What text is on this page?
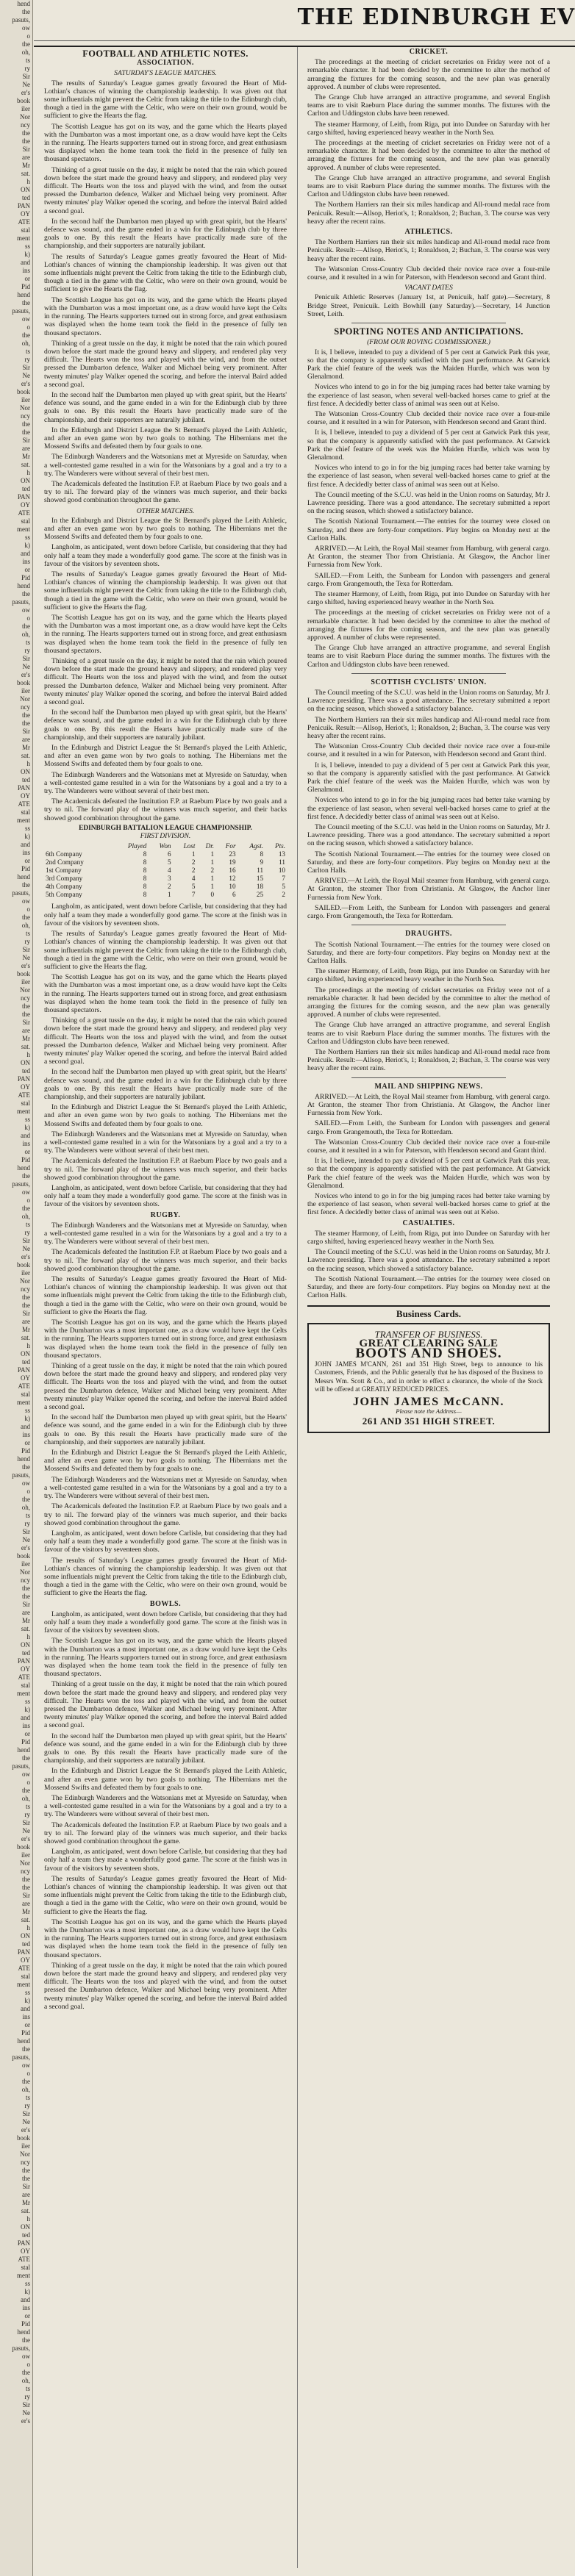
hend
the
pasuts,
ow
o
the
oh,
ts
ry
Sir
Ne
er's
book
iler
Nor
ncy
the
the
Sir
are
Mr
sat.
h
ON
ted
PAN
OY
ATE
stal
ment
ss
k)
and
ins
or
Pid
hend
the
pasuts,
ow
o
the
oh,
ts
ry
Sir
Ne
er's
book
iler
Nor
ncy
the
the
Sir
are
Mr
sat.
h
ON
ted
PAN
OY
ATE
stal
ment
ss
k)
and
ins
or
Pid
hend
the
pasuts,
ow
o
the
oh,
ts
ry
Sir
Ne
er's
book
iler
Nor
ncy
the
the
Sir
are
Mr
sat.
h
ON
ted
PAN
OY
ATE
stal
ment
ss
k)
and
ins
or
Pid
hend
the
pasuts,
ow
o
the
oh,
ts
ry
Sir
Ne
er's
book
iler
Nor
ncy
the
the
Sir
are
Mr
sat.
h
ON
ted
PAN
OY
ATE
stal
ment
ss
k)
and
ins
or
Pid
hend
the
pasuts,
ow
o
the
oh,
ts
ry
Sir
Ne
er's
book
iler
Nor
ncy
the
the
Sir
are
Mr
sat.
h
ON
ted
PAN
OY
ATE
stal
ment
ss
k)
and
ins
or
Pid
hend
the
pasuts,
ow
o
the
oh,
ts
ry
Sir
Ne
er's
book
iler
Nor
ncy
the
the
Sir
are
Mr
sat.
h
ON
ted
PAN
OY
ATE
stal
ment
ss
k)
and
ins
or
Pid
hend
the
pasuts,
ow
o
the
oh,
ts
ry
Sir
Ne
er's
book
iler
Nor
ncy
the
the
Sir
are
Mr
sat.
h
ON
ted
PAN
OY
ATE
stal
ment
ss
k)
and
ins
or
Pid
hend
the
pasuts,
ow
o
the
oh,
ts
ry
Sir
Ne
er's
book
iler
Nor
ncy
the
the
Sir
are
Mr
sat.
h
ON
ted
PAN
OY
ATE
stal
ment
ss
k)
and
ins
or
Pid
hend
the
pasuts,
ow
o
the
oh,
ts
ry
Sir
Ne
er's
THE EDINBURGH EV
FOOTBALL AND ATHLETIC NOTES.
ASSOCIATION.
SATURDAY'S LEAGUE MATCHES.

The results of Saturday's League games greatly favoured the Heart of Mid-Lothian's chances of winning the championship leadership. It was given out that some influentials might prevent the Celtic from taking the title to the Edinburgh club, though a tied in the game with the Celtic, who were on their own ground, would be sufficient to give the Hearts the flag.

The Scottish League has got on its way, and the game which the Hearts played with the Dumbarton was a most important one, as a draw would have kept the Celts in the running. The Hearts supporters turned out in strong force, and great enthusiasm was displayed when the home team took the field in the presence of fully ten thousand spectators.

Thinking of a great tussle on the day, it might be noted that the rain which poured down before the start made the ground heavy and slippery, and rendered play very difficult. The Hearts won the toss and played with the wind, and from the outset pressed the Dumbarton defence, Walker and Michael being very prominent. After twenty minutes' play Walker opened the scoring, and before the interval Baird added a second goal.

In the second half the Dumbarton men played up with great spirit, but the Hearts' defence was sound, and the game ended in a win for the Edinburgh club by three goals to one. By this result the Hearts have practically made sure of the championship, and their supporters are naturally jubilant.

The results of Saturday's League games greatly favoured the Heart of Mid-Lothian's chances of winning the championship leadership. It was given out that some influentials might prevent the Celtic from taking the title to the Edinburgh club, though a tied in the game with the Celtic, who were on their own ground, would be sufficient to give the Hearts the flag.

The Scottish League has got on its way, and the game which the Hearts played with the Dumbarton was a most important one, as a draw would have kept the Celts in the running. The Hearts supporters turned out in strong force, and great enthusiasm was displayed when the home team took the field in the presence of fully ten thousand spectators.

Thinking of a great tussle on the day, it might be noted that the rain which poured down before the start made the ground heavy and slippery, and rendered play very difficult. The Hearts won the toss and played with the wind, and from the outset pressed the Dumbarton defence, Walker and Michael being very prominent. After twenty minutes' play Walker opened the scoring, and before the interval Baird added a second goal.

In the second half the Dumbarton men played up with great spirit, but the Hearts' defence was sound, and the game ended in a win for the Edinburgh club by three goals to one. By this result the Hearts have practically made sure of the championship, and their supporters are naturally jubilant.

In the Edinburgh and District League the St Bernard's played the Leith Athletic, and after an even game won by two goals to nothing. The Hibernians met the Mossend Swifts and defeated them by four goals to one.

The Edinburgh Wanderers and the Watsonians met at Myreside on Saturday, when a well-contested game resulted in a win for the Watsonians by a goal and a try to a try. The Wanderers were without several of their best men.

The Academicals defeated the Institution F.P. at Raeburn Place by two goals and a try to nil. The forward play of the winners was much superior, and their backs showed good combination throughout the game.

OTHER MATCHES.

In the Edinburgh and District League the St Bernard's played the Leith Athletic, and after an even game won by two goals to nothing. The Hibernians met the Mossend Swifts and defeated them by four goals to one.

Langholm, as anticipated, went down before Carlisle, but considering that they had only half a team they made a wonderfully good game. The score at the finish was in favour of the visitors by seventeen shots.

The results of Saturday's League games greatly favoured the Heart of Mid-Lothian's chances of winning the championship leadership. It was given out that some influentials might prevent the Celtic from taking the title to the Edinburgh club, though a tied in the game with the Celtic, who were on their own ground, would be sufficient to give the Hearts the flag.

The Scottish League has got on its way, and the game which the Hearts played with the Dumbarton was a most important one, as a draw would have kept the Celts in the running. The Hearts supporters turned out in strong force, and great enthusiasm was displayed when the home team took the field in the presence of fully ten thousand spectators.

Thinking of a great tussle on the day, it might be noted that the rain which poured down before the start made the ground heavy and slippery, and rendered play very difficult. The Hearts won the toss and played with the wind, and from the outset pressed the Dumbarton defence, Walker and Michael being very prominent. After twenty minutes' play Walker opened the scoring, and before the interval Baird added a second goal.

In the second half the Dumbarton men played up with great spirit, but the Hearts' defence was sound, and the game ended in a win for the Edinburgh club by three goals to one. By this result the Hearts have practically made sure of the championship, and their supporters are naturally jubilant.

In the Edinburgh and District League the St Bernard's played the Leith Athletic, and after an even game won by two goals to nothing. The Hibernians met the Mossend Swifts and defeated them by four goals to one.

The Edinburgh Wanderers and the Watsonians met at Myreside on Saturday, when a well-contested game resulted in a win for the Watsonians by a goal and a try to a try. The Wanderers were without several of their best men.

The Academicals defeated the Institution F.P. at Raeburn Place by two goals and a try to nil. The forward play of the winners was much superior, and their backs showed good combination throughout the game.

EDINBURGH BATTALION LEAGUE CHAMPIONSHIP.
FIRST DIVISION.
	Played	Won	Lost	Dr.	For	Agst.	Pts.
6th Company	8	6	1	1	23	8	13
2nd Company	8	5	2	1	19	9	11
1st Company	8	4	2	2	16	11	10
3rd Company	8	3	4	1	12	15	7
4th Company	8	2	5	1	10	18	5
5th Company	8	1	7	0	6	25	2

Langholm, as anticipated, went down before Carlisle, but considering that they had only half a team they made a wonderfully good game. The score at the finish was in favour of the visitors by seventeen shots.

The results of Saturday's League games greatly favoured the Heart of Mid-Lothian's chances of winning the championship leadership. It was given out that some influentials might prevent the Celtic from taking the title to the Edinburgh club, though a tied in the game with the Celtic, who were on their own ground, would be sufficient to give the Hearts the flag.

The Scottish League has got on its way, and the game which the Hearts played with the Dumbarton was a most important one, as a draw would have kept the Celts in the running. The Hearts supporters turned out in strong force, and great enthusiasm was displayed when the home team took the field in the presence of fully ten thousand spectators.

Thinking of a great tussle on the day, it might be noted that the rain which poured down before the start made the ground heavy and slippery, and rendered play very difficult. The Hearts won the toss and played with the wind, and from the outset pressed the Dumbarton defence, Walker and Michael being very prominent. After twenty minutes' play Walker opened the scoring, and before the interval Baird added a second goal.

In the second half the Dumbarton men played up with great spirit, but the Hearts' defence was sound, and the game ended in a win for the Edinburgh club by three goals to one. By this result the Hearts have practically made sure of the championship, and their supporters are naturally jubilant.

In the Edinburgh and District League the St Bernard's played the Leith Athletic, and after an even game won by two goals to nothing. The Hibernians met the Mossend Swifts and defeated them by four goals to one.

The Edinburgh Wanderers and the Watsonians met at Myreside on Saturday, when a well-contested game resulted in a win for the Watsonians by a goal and a try to a try. The Wanderers were without several of their best men.

The Academicals defeated the Institution F.P. at Raeburn Place by two goals and a try to nil. The forward play of the winners was much superior, and their backs showed good combination throughout the game.

Langholm, as anticipated, went down before Carlisle, but considering that they had only half a team they made a wonderfully good game. The score at the finish was in favour of the visitors by seventeen shots.

RUGBY.

The Edinburgh Wanderers and the Watsonians met at Myreside on Saturday, when a well-contested game resulted in a win for the Watsonians by a goal and a try to a try. The Wanderers were without several of their best men.

The Academicals defeated the Institution F.P. at Raeburn Place by two goals and a try to nil. The forward play of the winners was much superior, and their backs showed good combination throughout the game.

The results of Saturday's League games greatly favoured the Heart of Mid-Lothian's chances of winning the championship leadership. It was given out that some influentials might prevent the Celtic from taking the title to the Edinburgh club, though a tied in the game with the Celtic, who were on their own ground, would be sufficient to give the Hearts the flag.

The Scottish League has got on its way, and the game which the Hearts played with the Dumbarton was a most important one, as a draw would have kept the Celts in the running. The Hearts supporters turned out in strong force, and great enthusiasm was displayed when the home team took the field in the presence of fully ten thousand spectators.

Thinking of a great tussle on the day, it might be noted that the rain which poured down before the start made the ground heavy and slippery, and rendered play very difficult. The Hearts won the toss and played with the wind, and from the outset pressed the Dumbarton defence, Walker and Michael being very prominent. After twenty minutes' play Walker opened the scoring, and before the interval Baird added a second goal.

In the second half the Dumbarton men played up with great spirit, but the Hearts' defence was sound, and the game ended in a win for the Edinburgh club by three goals to one. By this result the Hearts have practically made sure of the championship, and their supporters are naturally jubilant.

In the Edinburgh and District League the St Bernard's played the Leith Athletic, and after an even game won by two goals to nothing. The Hibernians met the Mossend Swifts and defeated them by four goals to one.

The Edinburgh Wanderers and the Watsonians met at Myreside on Saturday, when a well-contested game resulted in a win for the Watsonians by a goal and a try to a try. The Wanderers were without several of their best men.

The Academicals defeated the Institution F.P. at Raeburn Place by two goals and a try to nil. The forward play of the winners was much superior, and their backs showed good combination throughout the game.

Langholm, as anticipated, went down before Carlisle, but considering that they had only half a team they made a wonderfully good game. The score at the finish was in favour of the visitors by seventeen shots.

The results of Saturday's League games greatly favoured the Heart of Mid-Lothian's chances of winning the championship leadership. It was given out that some influentials might prevent the Celtic from taking the title to the Edinburgh club, though a tied in the game with the Celtic, who were on their own ground, would be sufficient to give the Hearts the flag.

BOWLS.

Langholm, as anticipated, went down before Carlisle, but considering that they had only half a team they made a wonderfully good game. The score at the finish was in favour of the visitors by seventeen shots.

The Scottish League has got on its way, and the game which the Hearts played with the Dumbarton was a most important one, as a draw would have kept the Celts in the running. The Hearts supporters turned out in strong force, and great enthusiasm was displayed when the home team took the field in the presence of fully ten thousand spectators.

Thinking of a great tussle on the day, it might be noted that the rain which poured down before the start made the ground heavy and slippery, and rendered play very difficult. The Hearts won the toss and played with the wind, and from the outset pressed the Dumbarton defence, Walker and Michael being very prominent. After twenty minutes' play Walker opened the scoring, and before the interval Baird added a second goal.

In the second half the Dumbarton men played up with great spirit, but the Hearts' defence was sound, and the game ended in a win for the Edinburgh club by three goals to one. By this result the Hearts have practically made sure of the championship, and their supporters are naturally jubilant.

In the Edinburgh and District League the St Bernard's played the Leith Athletic, and after an even game won by two goals to nothing. The Hibernians met the Mossend Swifts and defeated them by four goals to one.

The Edinburgh Wanderers and the Watsonians met at Myreside on Saturday, when a well-contested game resulted in a win for the Watsonians by a goal and a try to a try. The Wanderers were without several of their best men.

The Academicals defeated the Institution F.P. at Raeburn Place by two goals and a try to nil. The forward play of the winners was much superior, and their backs showed good combination throughout the game.

Langholm, as anticipated, went down before Carlisle, but considering that they had only half a team they made a wonderfully good game. The score at the finish was in favour of the visitors by seventeen shots.

The results of Saturday's League games greatly favoured the Heart of Mid-Lothian's chances of winning the championship leadership. It was given out that some influentials might prevent the Celtic from taking the title to the Edinburgh club, though a tied in the game with the Celtic, who were on their own ground, would be sufficient to give the Hearts the flag.

The Scottish League has got on its way, and the game which the Hearts played with the Dumbarton was a most important one, as a draw would have kept the Celts in the running. The Hearts supporters turned out in strong force, and great enthusiasm was displayed when the home team took the field in the presence of fully ten thousand spectators.

Thinking of a great tussle on the day, it might be noted that the rain which poured down before the start made the ground heavy and slippery, and rendered play very difficult. The Hearts won the toss and played with the wind, and from the outset pressed the Dumbarton defence, Walker and Michael being very prominent. After twenty minutes' play Walker opened the scoring, and before the interval Baird added a second goal.

CRICKET.

The proceedings at the meeting of cricket secretaries on Friday were not of a remarkable character. It had been decided by the committee to alter the method of arranging the fixtures for the coming season, and the new plan was generally approved. A number of clubs were represented.

The Grange Club have arranged an attractive programme, and several English teams are to visit Raeburn Place during the summer months. The fixtures with the Carlton and Uddingston clubs have been renewed.

The steamer Harmony, of Leith, from Riga, put into Dundee on Saturday with her cargo shifted, having experienced heavy weather in the North Sea.

The proceedings at the meeting of cricket secretaries on Friday were not of a remarkable character. It had been decided by the committee to alter the method of arranging the fixtures for the coming season, and the new plan was generally approved. A number of clubs were represented.

The Grange Club have arranged an attractive programme, and several English teams are to visit Raeburn Place during the summer months. The fixtures with the Carlton and Uddingston clubs have been renewed.

The Northern Harriers ran their six miles handicap and All-round medal race from Penicuik. Result:—Allsop, Heriot's, 1; Ronaldson, 2; Buchan, 3. The course was very heavy after the recent rains.

ATHLETICS.

The Northern Harriers ran their six miles handicap and All-round medal race from Penicuik. Result:—Allsop, Heriot's, 1; Ronaldson, 2; Buchan, 3. The course was very heavy after the recent rains.

The Watsonian Cross-Country Club decided their novice race over a four-mile course, and it resulted in a win for Paterson, with Henderson second and Grant third.

VACANT DATES

Penicuik Athletic Reserves (January 1st, at Penicuik, half gate).—Secretary, 8 Bridge Street, Penicuik. Leith Bowhill (any Saturday).—Secretary, 14 Junction Street, Leith.

SPORTING NOTES AND ANTICIPATIONS.
(FROM OUR ROVING COMMISSIONER.)

It is, I believe, intended to pay a dividend of 5 per cent at Gatwick Park this year, so that the company is apparently satisfied with the past performance. At Gatwick Park the chief feature of the week was the Maiden Hurdle, which was won by Glenalmond.

Novices who intend to go in for the big jumping races had better take warning by the experience of last season, when several well-backed horses came to grief at the first fence. A decidedly better class of animal was seen out at Kelso.

The Watsonian Cross-Country Club decided their novice race over a four-mile course, and it resulted in a win for Paterson, with Henderson second and Grant third.

It is, I believe, intended to pay a dividend of 5 per cent at Gatwick Park this year, so that the company is apparently satisfied with the past performance. At Gatwick Park the chief feature of the week was the Maiden Hurdle, which was won by Glenalmond.

Novices who intend to go in for the big jumping races had better take warning by the experience of last season, when several well-backed horses came to grief at the first fence. A decidedly better class of animal was seen out at Kelso.

The Council meeting of the S.C.U. was held in the Union rooms on Saturday, Mr J. Lawrence presiding. There was a good attendance. The secretary submitted a report on the racing season, which showed a satisfactory balance.

The Scottish National Tournament.—The entries for the tourney were closed on Saturday, and there are forty-four competitors. Play begins on Monday next at the Carlton Halls.

ARRIVED.—At Leith, the Royal Mail steamer from Hamburg, with general cargo. At Granton, the steamer Thor from Christiania. At Glasgow, the Anchor liner Furnessia from New York.

SAILED.—From Leith, the Sunbeam for London with passengers and general cargo. From Grangemouth, the Texa for Rotterdam.

The steamer Harmony, of Leith, from Riga, put into Dundee on Saturday with her cargo shifted, having experienced heavy weather in the North Sea.

The proceedings at the meeting of cricket secretaries on Friday were not of a remarkable character. It had been decided by the committee to alter the method of arranging the fixtures for the coming season, and the new plan was generally approved. A number of clubs were represented.

The Grange Club have arranged an attractive programme, and several English teams are to visit Raeburn Place during the summer months. The fixtures with the Carlton and Uddingston clubs have been renewed.

SCOTTISH CYCLISTS' UNION.

The Council meeting of the S.C.U. was held in the Union rooms on Saturday, Mr J. Lawrence presiding. There was a good attendance. The secretary submitted a report on the racing season, which showed a satisfactory balance.

The Northern Harriers ran their six miles handicap and All-round medal race from Penicuik. Result:—Allsop, Heriot's, 1; Ronaldson, 2; Buchan, 3. The course was very heavy after the recent rains.

The Watsonian Cross-Country Club decided their novice race over a four-mile course, and it resulted in a win for Paterson, with Henderson second and Grant third.

It is, I believe, intended to pay a dividend of 5 per cent at Gatwick Park this year, so that the company is apparently satisfied with the past performance. At Gatwick Park the chief feature of the week was the Maiden Hurdle, which was won by Glenalmond.

Novices who intend to go in for the big jumping races had better take warning by the experience of last season, when several well-backed horses came to grief at the first fence. A decidedly better class of animal was seen out at Kelso.

The Council meeting of the S.C.U. was held in the Union rooms on Saturday, Mr J. Lawrence presiding. There was a good attendance. The secretary submitted a report on the racing season, which showed a satisfactory balance.

The Scottish National Tournament.—The entries for the tourney were closed on Saturday, and there are forty-four competitors. Play begins on Monday next at the Carlton Halls.

ARRIVED.—At Leith, the Royal Mail steamer from Hamburg, with general cargo. At Granton, the steamer Thor from Christiania. At Glasgow, the Anchor liner Furnessia from New York.

SAILED.—From Leith, the Sunbeam for London with passengers and general cargo. From Grangemouth, the Texa for Rotterdam.

DRAUGHTS.

The Scottish National Tournament.—The entries for the tourney were closed on Saturday, and there are forty-four competitors. Play begins on Monday next at the Carlton Halls.

The steamer Harmony, of Leith, from Riga, put into Dundee on Saturday with her cargo shifted, having experienced heavy weather in the North Sea.

The proceedings at the meeting of cricket secretaries on Friday were not of a remarkable character. It had been decided by the committee to alter the method of arranging the fixtures for the coming season, and the new plan was generally approved. A number of clubs were represented.

The Grange Club have arranged an attractive programme, and several English teams are to visit Raeburn Place during the summer months. The fixtures with the Carlton and Uddingston clubs have been renewed.

The Northern Harriers ran their six miles handicap and All-round medal race from Penicuik. Result:—Allsop, Heriot's, 1; Ronaldson, 2; Buchan, 3. The course was very heavy after the recent rains.

MAIL AND SHIPPING NEWS.

ARRIVED.—At Leith, the Royal Mail steamer from Hamburg, with general cargo. At Granton, the steamer Thor from Christiania. At Glasgow, the Anchor liner Furnessia from New York.

SAILED.—From Leith, the Sunbeam for London with passengers and general cargo. From Grangemouth, the Texa for Rotterdam.

The Watsonian Cross-Country Club decided their novice race over a four-mile course, and it resulted in a win for Paterson, with Henderson second and Grant third.

It is, I believe, intended to pay a dividend of 5 per cent at Gatwick Park this year, so that the company is apparently satisfied with the past performance. At Gatwick Park the chief feature of the week was the Maiden Hurdle, which was won by Glenalmond.

Novices who intend to go in for the big jumping races had better take warning by the experience of last season, when several well-backed horses came to grief at the first fence. A decidedly better class of animal was seen out at Kelso.

CASUALTIES.

The steamer Harmony, of Leith, from Riga, put into Dundee on Saturday with her cargo shifted, having experienced heavy weather in the North Sea.

The Council meeting of the S.C.U. was held in the Union rooms on Saturday, Mr J. Lawrence presiding. There was a good attendance. The secretary submitted a report on the racing season, which showed a satisfactory balance.

The Scottish National Tournament.—The entries for the tourney were closed on Saturday, and there are forty-four competitors. Play begins on Monday next at the Carlton Halls.

Business Cards.

TRANSFER OF BUSINESS.

GREAT CLEARING SALE

BOOTS AND SHOES.

JOHN JAMES M'CANN, 261 and 351 High Street, begs to announce to his Customers, Friends, and the Public generally that he has disposed of the Business to Messrs Wm. Scott & Co., and in order to effect a clearance, the whole of the Stock will be offered at GREATLY REDUCED PRICES.

JOHN JAMES McCANN.

Please note the Address—

261 AND 351 HIGH STREET.
